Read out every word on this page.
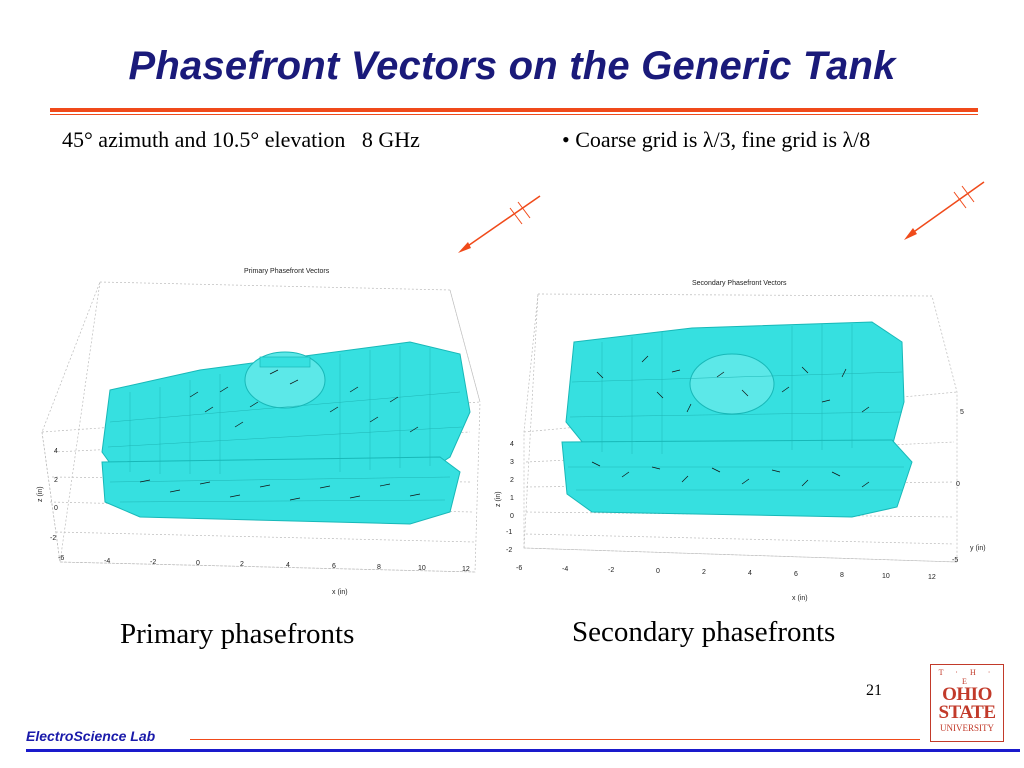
Phasefront Vectors on the Generic Tank
45° azimuth and 10.5° elevation   8 GHz	• Coarse grid is λ/3, fine grid is λ/8
Primary Phasefront Vectors
4
2
0
-2
z (in)
-6	-4	-2	0	2	4	6	8	10	12
x (in)
Secondary Phasefront Vectors
4
3
2
1
0
-1
-2
z (in)
-6	-4	-2	0	2	4	6	8	10	12
x (in)
5
0
-5
y (in)
Primary phasefronts	Secondary phasefronts
21
T · H · E
OHIO
STATE
UNIVERSITY
ElectroScience Lab
